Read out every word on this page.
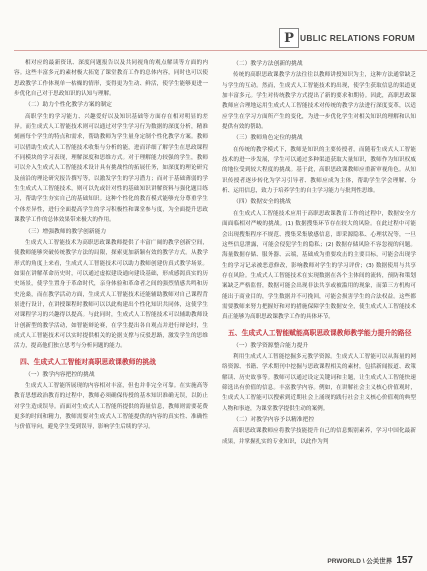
P UBLIC RELATIONS FORUM

相对应的最新资讯、深度问题报告以及共同视角的观点解读等方面的内容。这些丰富多元的素材极大拓宽了课堂教育工作的总体内容，同时也可以使思政教学工作体现单一枯燥的情形，变得更为生动、鲜活，使学生能够更进一步优化自己对于思政知识的认知与理解。

（二）助力个性化教学方案的制定

高职学生的学习能力、兴趣爱好以及知识基础等方面存在相对明显的差异。而生成式人工智能技术则可以通过对学生学习行为数据的深度分析，精准刻画每个学生的特点和需求，帮助教师为学生量身定制个性化教学方案。教师可以借助生成式人工智能技术收集与分析的能，进而详细了解学生在思政课程不同模块的学习表现，理解深度和思维方式。对于理解能力较强的学生，教师可以介入生成式人工智能技术设计具有挑战性的拓展任务，如深度的理论研究及前沿的理论研究报告撰写等，以激发学生的学习潜力；而对于基础薄弱的学生生成式人工智能技术，则可以先或针对性的基础知识讲解资料与强化题目练习，帮助学生夯实自己的基础知识。这种个性化的教育模式能够充分尊重学生个体差异性，进行全面提高学生的学习积极性和课堂参与度，为全面提升思政课教学工作的总体效果带来极大的作用。

（三）增强教师的教学创新能力

生成式人工智能技术为高职思政课教师提供了丰富广阔的教学创新空间，使教师能够突破传统教学方法的局限，探索更加新颖有效的教学方式。从教学形式的角度上来看，生成式人工智能技术可以助力教师创建仿真式教学场景。如果在讲解革命历史时，可以通过虚拟建设通向建设基础，形成感渴真实的历史场景，使学生置身于革命时代，亲身体验和革命者之间的强烈情感共鸣和历史沧桑，而在教学活动方面，生成式人工智能技术还能辅助教师对自己课程背景进行设计，在讲授课程时教师可以以此构建出个性化知识共同体，这使学生对课程学习的兴趣得以提高。与此同时，生成式人工智能技术可以辅助教师设计创新型的教学活动，如智能辩论赛，在学生提出各自观点并进行辩论时，生成式人工智能技术可以实时提供相关的论据支撑与反驳思路，激发学生的思维活力，提高他们独立思考与分析问题的能力。

四、生成式人工智能对高职思政课教师的挑战

（一）教学内容把控的挑战

生成式人工智能所展现的内容相对丰富，但也并非完全可靠。在实施高等教育思想政治教育的过程中，教师必须确保传授的基本知识准确无误，以防止对学生造成误导。而面对生成式人工智能所提供的海量信息，教师则需要花费更多的时间和精力，教师需要对生成式人工智能提供的内容的真实性、准确性与价值导向，避免学生受到误导，影响学生后续的学习。

（二）教学方法创新的挑战

传统的高职思政课教学方法往往以教师讲授知识为主，这种方法通常缺乏与学生的互动。然而，生成式人工智能技术的出现，使学生获取信息的渠道更加丰富多元。学生对传统教学方式提出了新的要求和期待。因此，高职思政课教师应合理地运用生成式人工智能技术对传统的教学方法进行深度变革，以适应学生在学习方面所产生的变化，为进一步优化学生对相关知识的理解和认知提供有效的帮助。

（三）教师角色定位的挑战

在传统的教学模式下，教师是知识的主要传授者，而随着生成式人工智能技术的进一步发展，学生可以通过多种渠道获取大量知识，教师作为知识权威的地位受到较大程度的挑战。基于此，高职思政课教师应重新审视角色。从知识传授者逐步转化为学习引导者、教师应成为主体，帮助学生学会理解、分析、运用信息，致力于培养学生的自主学习能力与批判性思维。

（四）数据安全的挑战

在生成式人工智能技术应用于高职思政课教育工作的过程中，数据安全方面面临相对严峻的挑战。(1) 数据搜集环节存在较大的风险。在此过程中可能会出现搜集程序不规范、搜集采集敏感信息，即采源隐私、心理状况等，一旦这些信息泄露，可能会侵犯学生的隐私；(2) 数据存储风险不容忽视的问题。海量数据存储、服务器、云端，基础成为重要攻击的主要目标，可能会出现学生的学习记录被恶意修改，影响教师对学生的学习评价；(3) 数据使用与共享存在风险。生成式人工智能技术在实现数据在各个主体间的流转，预防和策划案缺乏严格监督，数据可能会出现非法共享或被滥用的现象，而第三方机构可能出于商业目的，学生数据并不可挽回，可能会损害学生的合法权益。这些都需要教师来努力把握好和对的措施保障学生数据安全，使生成式人工智能技术真正能够为高职思政课教学工作的具体环节。

五、生成式人工智能赋能高职思政课教师教学能力提升的路径

（一）教学资源整合能力提升

利用生成式人工智能挖掘多元教学资源。生成式人工智能可以从海量的网络资源、书籍、学术期刊中挖掘与思政课程相关的素材，包括新闻报道、政策解读、历史故事等。教师可以通过设定关键词和主题，让生成式人工智能快速筛选出有价值的信息。丰富教学内容。例如，在讲解社会主义核心价值观时，生成式人工智能可以搜索到近期社会上涌现的践行社会主义核心价值观的典型人物和事迹，为课堂教学提供生动的案例。

（二）对教学内容予以精准把控

高职思政课教师应将教学技能提升自己的信息甄别素养，学习中国化最新成果，并掌握扎实的专业知识，以此作为判

PRWORLD \ 公关世界 157
